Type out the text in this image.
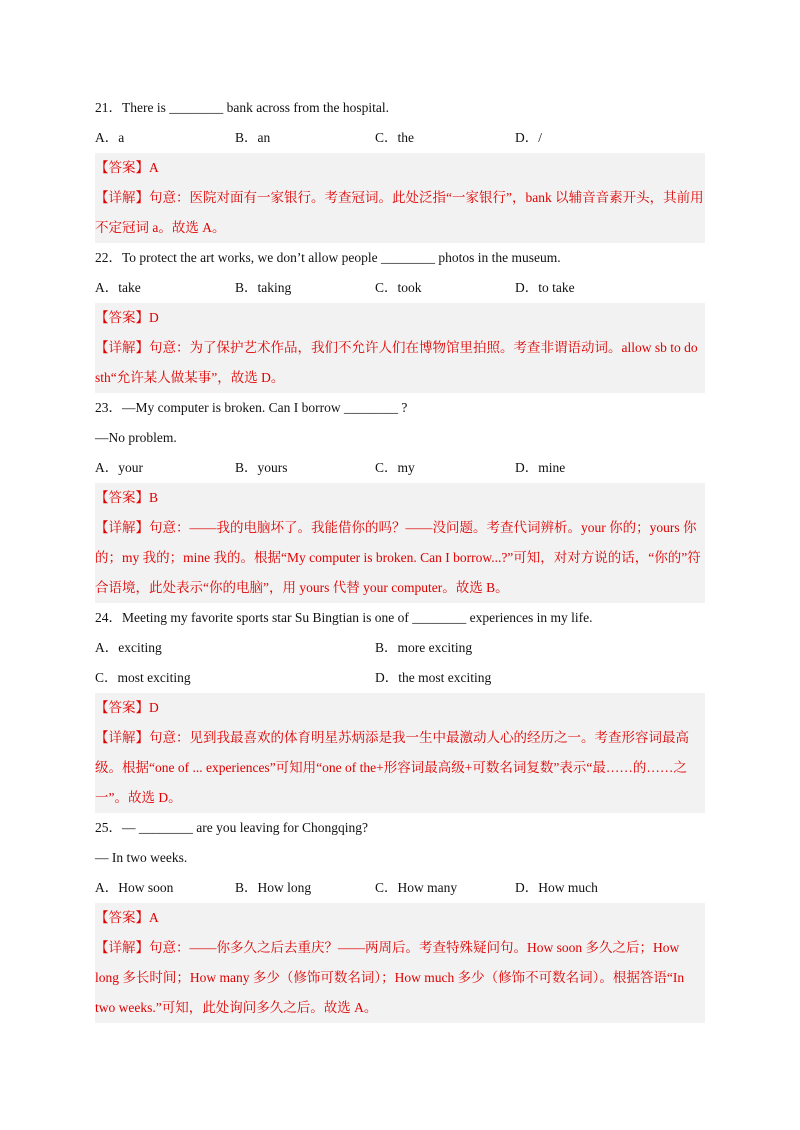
21．There is ________ bank across from the hospital.
A．a	B．an	C．the	D．/
【答案】A
【详解】句意：医院对面有一家银行。考查冠词。此处泛指“一家银行”，bank 以辅音音素开头，其前用不定冠词 a。故选 A。
22．To protect the art works, we don’t allow people ________ photos in the museum.
A．take	B．taking	C．took	D．to take
【答案】D
【详解】句意：为了保护艺术作品，我们不允许人们在博物馆里拍照。考查非谓语动词。allow sb to do sth“允许某人做某事”，故选 D。
23．—My computer is broken. Can I borrow ________ ?
—No problem.
A．your	B．yours	C．my	D．mine
【答案】B
【详解】句意：——我的电脑坏了。我能借你的吗？——没问题。考查代词辨析。your 你的；yours 你的；my 我的；mine 我的。根据“My computer is broken. Can I borrow...?”可知，对对方说的话，“你的”符合语境，此处表示“你的电脑”，用 yours 代替 your computer。故选 B。
24．Meeting my favorite sports star Su Bingtian is one of ________ experiences in my life.
A．exciting	B．more exciting
C．most exciting	D．the most exciting
【答案】D
【详解】句意：见到我最喜欢的体育明星苏炳添是我一生中最激动人心的经历之一。考查形容词最高级。根据“one of ... experiences”可知用“one of the+形容词最高级+可数名词复数”表示“最……的……之一”。故选 D。
25．— ________ are you leaving for Chongqing?
— In two weeks.
A．How soon	B．How long	C．How many	D．How much
【答案】A
【详解】句意：——你多久之后去重庆？——两周后。考查特殊疑问句。How soon 多久之后；How long 多长时间；How many 多少（修饰可数名词）；How much 多少（修饰不可数名词）。根据答语“In two weeks.”可知，此处询问多久之后。故选 A。
